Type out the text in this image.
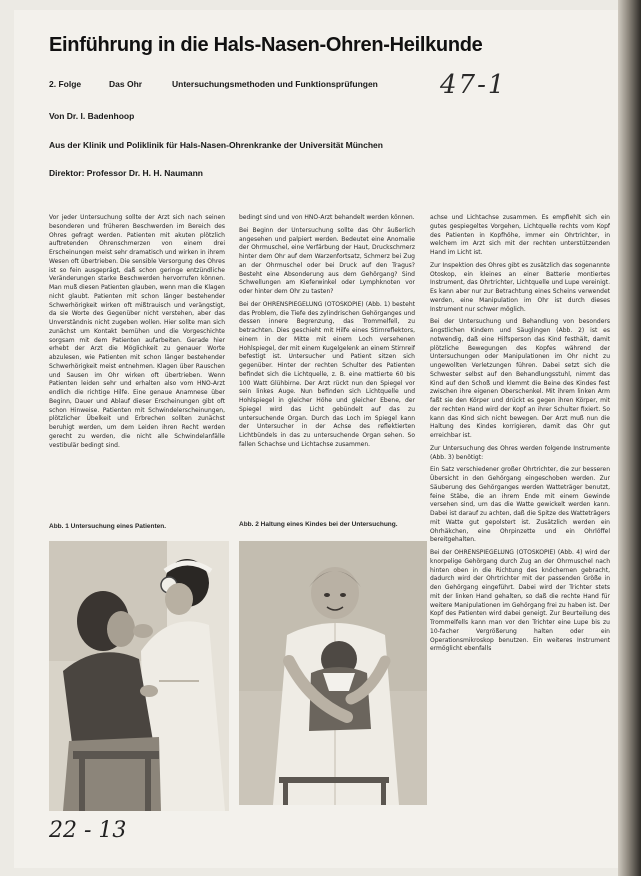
Einführung in die Hals-Nasen-Ohren-Heilkunde
2. Folge	Das Ohr	Untersuchungsmethoden und Funktionsprüfungen 47-1
Von Dr. I. Badenhoop
Aus der Klinik und Poliklinik für Hals-Nasen-Ohrenkranke der Universität München
Direktor: Professor Dr. H. H. Naumann

Vor jeder Untersuchung sollte der Arzt sich nach seinen besonderen und früheren Beschwerden im Bereich des Ohres gefragt werden. Patienten mit akuten plötzlich auftretenden Ohrenschmerzen von einem drei Erscheinungen meist sehr dramatisch und wirken in ihrem Wesen oft übertrieben. Die sensible Versorgung des Ohres ist so fein ausgeprägt, daß schon geringe entzündliche Veränderungen starke Beschwerden hervorrufen können. Man muß diesen Patienten glauben, wenn man die Klagen nicht glaubt. Patienten mit schon länger bestehender Schwerhörigkeit wirken oft mißtrauisch und verängstigt, da sie Worte des Gegenüber nicht verstehen, aber das Unverständnis nicht zugeben wollen. Hier sollte man sich zunächst um Kontakt bemühen und die Vorgeschichte sorgsam mit dem Patienten aufarbeiten. Gerade hier erhebt der Arzt die Möglichkeit zu genauer Worte abzulesen, wie Patienten mit schon länger bestehender Schwerhörigkeit meist entnehmen. Klagen über Rauschen und Sausen im Ohr wirken oft übertrieben. Wenn Patienten leiden sehr und erhalten also vom HNO-Arzt endlich die richtige Hilfe. Eine genaue Anamnese über Beginn, Dauer und Ablauf dieser Erscheinungen gibt oft schon Hinweise. Patienten mit Schwindelerscheinungen, plötzlicher Übelkeit und Erbrechen sollten zunächst beruhigt werden, um dem Leiden ihren Recht werden gerecht zu werden, die nicht alle Schwindelanfälle vestibulär bedingt sind.

bedingt sind und von HNO-Arzt behandelt werden können.

Bei Beginn der Untersuchung sollte das Ohr äußerlich angesehen und palpiert werden. Bedeutet eine Anomalie der Ohrmuschel, eine Verfärbung der Haut, Druckschmerz hinter dem Ohr auf dem Warzenfortsatz, Schmerz bei Zug an der Ohrmuschel oder bei Druck auf den Tragus? Besteht eine Absonderung aus dem Gehörgang? Sind Schwellungen am Kieferwinkel oder Lymphknoten vor oder hinter dem Ohr zu tasten?

Bei der OHRENSPIEGELUNG (OTOSKOPIE) (Abb. 1) besteht das Problem, die Tiefe des zylindrischen Gehörganges und dessen innere Begrenzung, das Trommelfell, zu betrachten. Dies geschieht mit Hilfe eines Stirnreflektors, einem in der Mitte mit einem Loch versehenen Hohlspiegel, der mit einem Kugelgelenk an einem Stirnreif befestigt ist. Untersucher und Patient sitzen sich gegenüber. Hinter der rechten Schulter des Patienten befindet sich die Lichtquelle, z. B. eine mattierte 60 bis 100 Watt Glühbirne. Der Arzt rückt nun den Spiegel vor sein linkes Auge. Nun befinden sich Lichtquelle und Hohlspiegel in gleicher Höhe und gleicher Ebene, der Spiegel wird das Licht gebündelt auf das zu untersuchende Organ. Durch das Loch im Spiegel kann der Untersucher in der Achse des reflektierten Lichtbündels in das zu untersuchende Organ sehen. So fallen Schachse und Lichtachse zusammen.

achse und Lichtachse zusammen. Es empfiehlt sich ein gutes gespiegeltes Vorgehen, Lichtquelle rechts vom Kopf des Patienten in Kopfhöhe, immer ein Ohrtrichter, in welchem im Arzt sich mit der rechten unterstützenden Hand im Licht ist.

Zur Inspektion des Ohres gibt es zusätzlich das sogenannte Otoskop, ein kleines an einer Batterie montiertes Instrument, das Ohrtrichter, Lichtquelle und Lupe vereinigt. Es kann aber nur zur Betrachtung eines Scheins verwendet werden, eine Manipulation im Ohr ist durch dieses Instrument nur schwer möglich.

Bei der Untersuchung und Behandlung von besonders ängstlichen Kindern und Säuglingen (Abb. 2) ist es notwendig, daß eine Hilfsperson das Kind festhält, damit plötzliche Bewegungen des Kopfes während der Untersuchungen oder Manipulationen im Ohr nicht zu ungewollten Verletzungen führen. Dabei setzt sich die Schwester selbst auf den Behandlungsstuhl, nimmt das Kind auf den Schoß und klemmt die Beine des Kindes fest zwischen ihre eigenen Oberschenkel. Mit ihrem linken Arm faßt sie den Körper und drückt es gegen ihren Körper, mit der rechten Hand wird der Kopf an ihrer Schulter fixiert. So kann das Kind sich nicht bewegen. Der Arzt muß nun die Haltung des Kindes korrigieren, damit das Ohr gut erreichbar ist.

Zur Untersuchung des Ohres werden folgende Instrumente (Abb. 3) benötigt:

Ein Satz verschiedener großer Ohrtrichter, die zur besseren Übersicht in den Gehörgang eingeschoben werden. Zur Säuberung des Gehörganges werden Watteträger benutzt, feine Stäbe, die an ihrem Ende mit einem Gewinde versehen sind, um das die Watte gewickelt werden kann. Dabei ist darauf zu achten, daß die Spitze des Watteträgers mit Watte gut gepolstert ist. Zusätzlich werden ein Ohrhäkchen, eine Ohrpinzette und ein Ohrlöffel bereitgehalten.

Bei der OHRENSPIEGELUNG (OTOSKOPIE) (Abb. 4) wird der knorpelige Gehörgang durch Zug an der Ohrmuschel nach hinten oben in die Richtung des knöchernen gebracht, dadurch wird der Ohrtrichter mit der passenden Größe in den Gehörgang eingeführt. Dabei wird der Trichter stets mit der linken Hand gehalten, so daß die rechte Hand für weitere Manipulationen im Gehörgang frei zu haben ist. Der Kopf des Patienten wird dabei geneigt. Zur Beurteilung des Trommelfells kann man vor den Trichter eine Lupe bis zu 10-facher Vergrößerung halten oder ein Operationsmikroskop benutzen. Ein weiteres Instrument ermöglicht ebenfalls

Abb. 1 Untersuchung eines Patienten.	Abb. 2 Haltung eines Kindes bei der Untersuchung.
22 - 13
